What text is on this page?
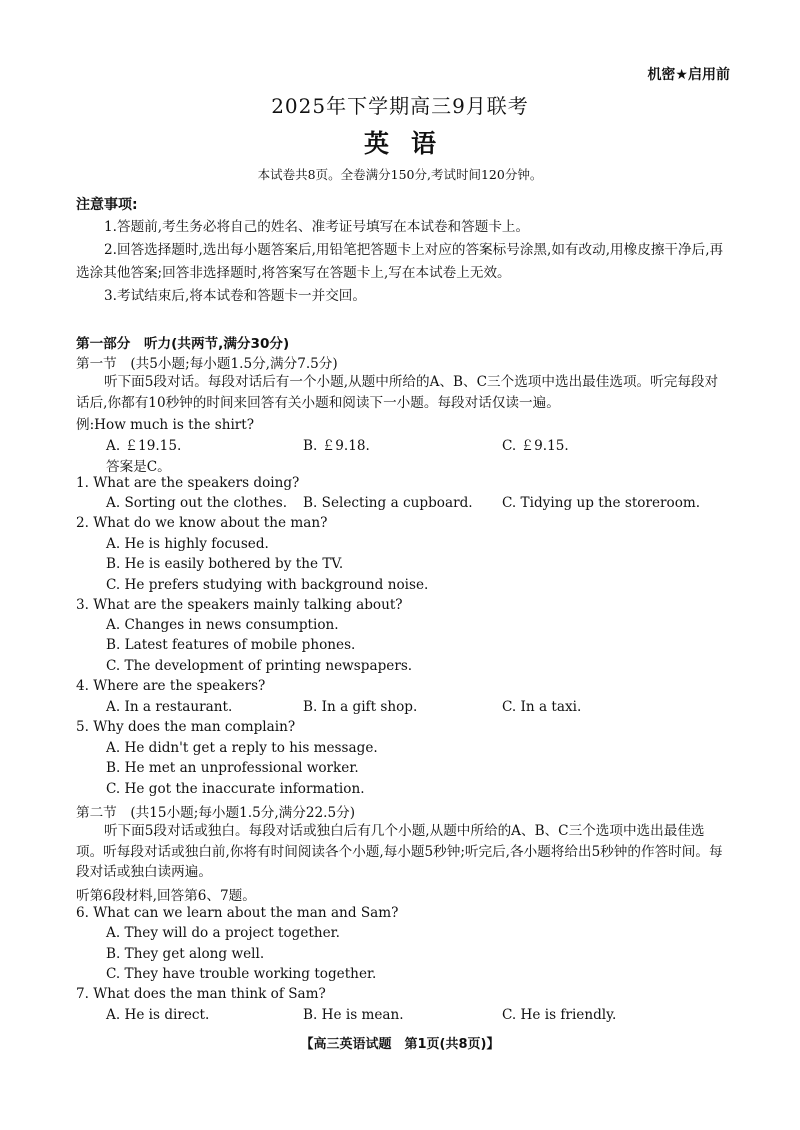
机密★启用前
2025年下学期高三9月联考
英语
本试卷共8页。全卷满分150分,考试时间120分钟。
注意事项:

1.答题前,考生务必将自己的姓名、准考证号填写在本试卷和答题卡上。

2.回答选择题时,选出每小题答案后,用铅笔把答题卡上对应的答案标号涂黑,如有改动,用橡皮擦干净后,再选涂其他答案;回答非选择题时,将答案写在答题卡上,写在本试卷上无效。

3.考试结束后,将本试卷和答题卡一并交回。

第一部分　听力(共两节,满分30分)
第一节　(共5小题;每小题1.5分,满分7.5分)

听下面5段对话。每段对话后有一个小题,从题中所给的A、B、C三个选项中选出最佳选项。听完每段对话后,你都有10秒钟的时间来回答有关小题和阅读下一小题。每段对话仅读一遍。

例:How much is the shirt?
A. ￡19.15.	B. ￡9.18.	C. ￡9.15.
答案是C。
1. What are the speakers doing?
A. Sorting out the clothes. B. Selecting a cupboard. C. Tidying up the storeroom.
2. What do we know about the man?
A. He is highly focused.
B. He is easily bothered by the TV.
C. He prefers studying with background noise.
3. What are the speakers mainly talking about?
A. Changes in news consumption.
B. Latest features of mobile phones.
C. The development of printing newspapers.
4. Where are the speakers?
A. In a restaurant.	B. In a gift shop.	C. In a taxi.
5. Why does the man complain?
A. He didn't get a reply to his message.
B. He met an unprofessional worker.
C. He got the inaccurate information.
第二节　(共15小题;每小题1.5分,满分22.5分)

听下面5段对话或独白。每段对话或独白后有几个小题,从题中所给的A、B、C三个选项中选出最佳选项。听每段对话或独白前,你将有时间阅读各个小题,每小题5秒钟;听完后,各小题将给出5秒钟的作答时间。每段对话或独白读两遍。

听第6段材料,回答第6、7题。
6. What can we learn about the man and Sam?
A. They will do a project together.
B. They get along well.
C. They have trouble working together.
7. What does the man think of Sam?
A. He is direct.	B. He is mean.	C. He is friendly.
【高三英语试题　第1页(共8页)】
